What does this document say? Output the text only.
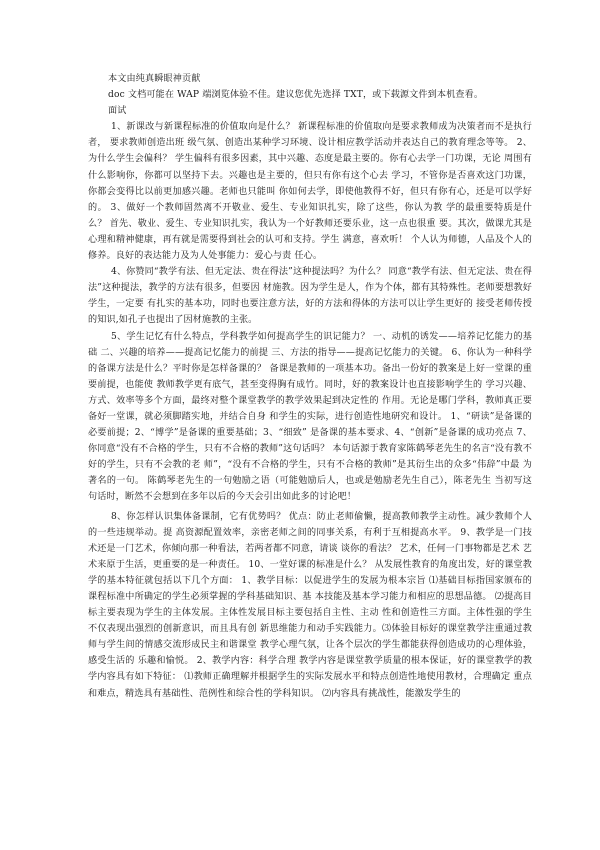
本文由纯真瞬眼神贡献

doc 文档可能在 WAP 端浏览体验不佳。建议您优先选择 TXT，或下载源文件到本机查看。

面试

1、新课改与新课程标准的价值取向是什么？ 新课程标准的价值取向是要求教师成为决策者而不是执行者， 要求教师创造出班 级气氛、创造出某种学习环境、设计相应教学活动并表达自己的教育理念等等。 2、为什么学生会偏科？ 学生偏科有很多因素，其中兴趣、态度是最主要的。你有心去学一门功课，无论 周围有什么影响你，你都可以坚持下去。兴趣也是主要的，但只有你有这个心去 学习，不管你是否喜欢这门功课，你都会变得比以前更加感兴趣。老师也只能叫 你如何去学，即使他教得不好，但只有你有心，还是可以学好的。 3、做好一个教师固然离不开敬业、爱生、专业知识扎实，除了这些，你认为教 学的最重要特质是什么？ 首先、敬业、爱生、专业知识扎实，我认为一个好教师还要乐业，这一点也很重 要。其次，做课尤其是心理和精神健康，再有就是需要得到社会的认可和支持。学生 满意，喜欢听！ 个人认为师德，人品及个人的修养。良好的表达能力及为人处事能力：爱心与责 任心。

4、你赞同“教学有法、但无定法、贵在得法”这种提法吗？为什么？ 同意“教学有法、但无定法、贵在得法”这种提法，教学的方法有很多，但要因 材施教。因为学生是人，作为个体，都有其特殊性。老师要想教好学生，一定要 有扎实的基本功，同时也要注意方法，好的方法和得体的方法可以让学生更好的 接受老师传授的知识,如孔子也提出了因材施教的主张。

5、学生记忆有什么特点，学科教学如何提高学生的识记能力？ 一、动机的诱发——培养记忆能力的基础 二、兴趣的培养——提高记忆能力的前提 三、方法的指导——提高记忆能力的关键。 6、你认为一种科学的备课方法是什么？平时你是怎样备课的？ 备课是教师的一项基本功。备出一份好的教案是上好一堂课的重要前提，也能使 教师教学更有底气，甚至变得胸有成竹。同时，好的教案设计也直接影响学生的 学习兴趣、方式、效率等多个方面，最终对整个课堂教学的教学效果起到决定性的 作用。无论是哪门学科，教师真正要备好一堂课，就必须脚踏实地，并结合自身 和学生的实际，进行创造性地研究和设计。 1、“研读”是备课的必要前提；2、“博学”是备课的重要基础；3、“细致” 是备课的基本要求、4、“创新”是备课的成功亮点 7、你同意“没有不合格的学生，只有不合格的教师”这句话吗？ 本句话源于教育家陈鹤琴老先生的名言“没有教不好的学生，只有不会教的老 师”，“没有不合格的学生，只有不合格的教师”是其衍生出的众多“伟辞”中最 为著名的一句。 陈鹤琴老先生的一句勉励之语（可能勉励后人，也或是勉励老先生自己），陈老先生 当初写这句话时，断然不会想到在多年以后的今天会引出如此多的讨论吧！

8、你怎样认识集体备课制，它有优势吗？ 优点：防止老师偷懒，提高教师教学主动性。减少教师个人的一些违规举动。提 高资源配置效率，亲密老师之间的同事关系，有利于互相提高水平。 9、教学是一门技术还是一门艺术，你倾向那一种看法，若两者都不同意，请谈 谈你的看法？ 艺术，任何一门事物都是艺术 艺术来原于生活，更重要的是一种责任。 10、一堂好课的标准是什么？ 从发展性教育的角度出发，好的课堂教学的基本特征就包括以下几个方面： 1、教学目标：以促进学生的发展为根本宗旨 ⑴基础目标指国家颁布的课程标准中所确定的学生必须掌握的学科基础知识、基 本技能及基本学习能力和相应的思想品德。 ⑵提高目标主要表现为学生的主体发展。主体性发展目标主要包括自主性、主动 性和创造性三方面。主体性强的学生不仅表现出强烈的创新意识，而且具有创 新思维能力和动手实践能力。⑶体验目标好的课堂教学注重通过教师与学生间的情感交流形成民主和谐课堂 教学心理气氛，让各个层次的学生都能获得创造成功的心理体验，感受生活的 乐趣和愉悦。 2、教学内容：科学合理 教学内容是课堂教学质量的根本保证，好的课堂教学的教学内容具有如下特征： ⑴教师正确理解并根据学生的实际发展水平和特点创造性地使用教材，合理确定 重点和难点，精选具有基础性、范例性和综合性的学科知识。 ⑵内容具有挑战性，能激发学生的
